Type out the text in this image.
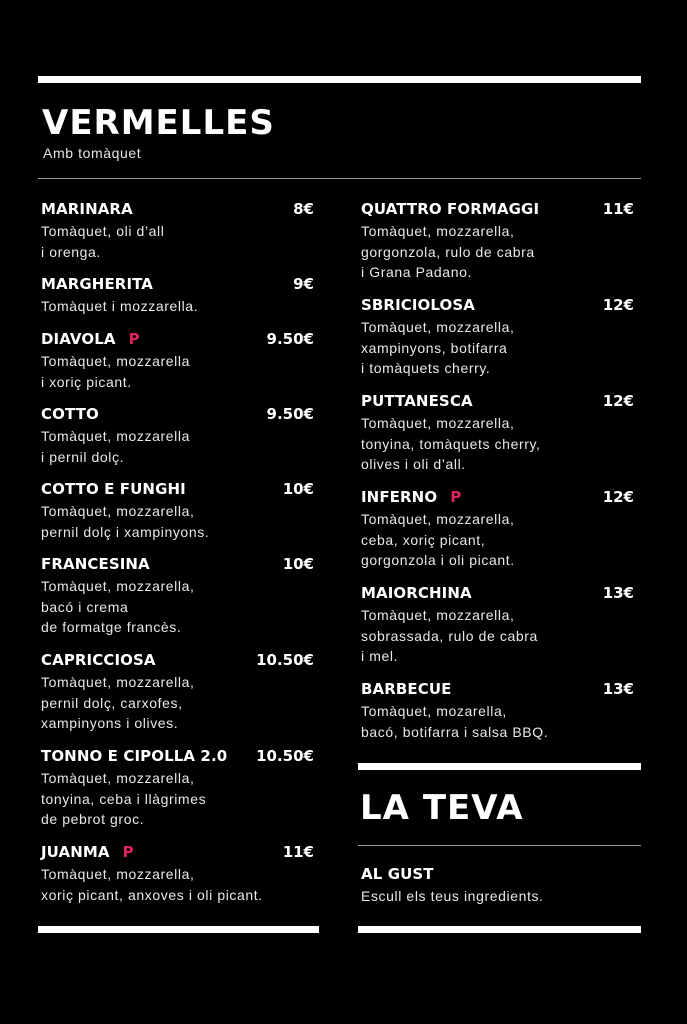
VERMELLES
Amb tomàquet
MARINARA	8€
Tomàquet, oli d’all
i orenga.
MARGHERITA	9€
Tomàquet i mozzarella.
DIAVOLA P	9.50€
Tomàquet, mozzarella
i xoriç picant.
COTTO	9.50€
Tomàquet, mozzarella
i pernil dolç.
COTTO E FUNGHI	10€
Tomàquet, mozzarella,
pernil dolç i xampinyons.
FRANCESINA	10€
Tomàquet, mozzarella,
bacó i crema
de formatge francès.
CAPRICCIOSA	10.50€
Tomàquet, mozzarella,
pernil dolç, carxofes,
xampinyons i olives.
TONNO E CIPOLLA 2.0 10.50€
Tomàquet, mozzarella,
tonyina, ceba i llàgrimes
de pebrot groc.
JUANMA P	11€
Tomàquet, mozzarella,
xoriç picant, anxoves i oli picant.
QUATTRO FORMAGGI	11€
Tomàquet, mozzarella,
gorgonzola, rulo de cabra
i Grana Padano.
SBRICIOLOSA	12€
Tomàquet, mozzarella,
xampinyons, botifarra
i tomàquets cherry.
PUTTANESCA	12€
Tomàquet, mozzarella,
tonyina, tomàquets cherry,
olives i oli d’all.
INFERNO P	12€
Tomàquet, mozzarella,
ceba, xoriç picant,
gorgonzola i oli picant.
MAIORCHINA	13€
Tomàquet, mozzarella,
sobrassada, rulo de cabra
i mel.
BARBECUE	13€
Tomàquet, mozarella,
bacó, botifarra i salsa BBQ.
LA TEVA
AL GUST
Escull els teus ingredients.
